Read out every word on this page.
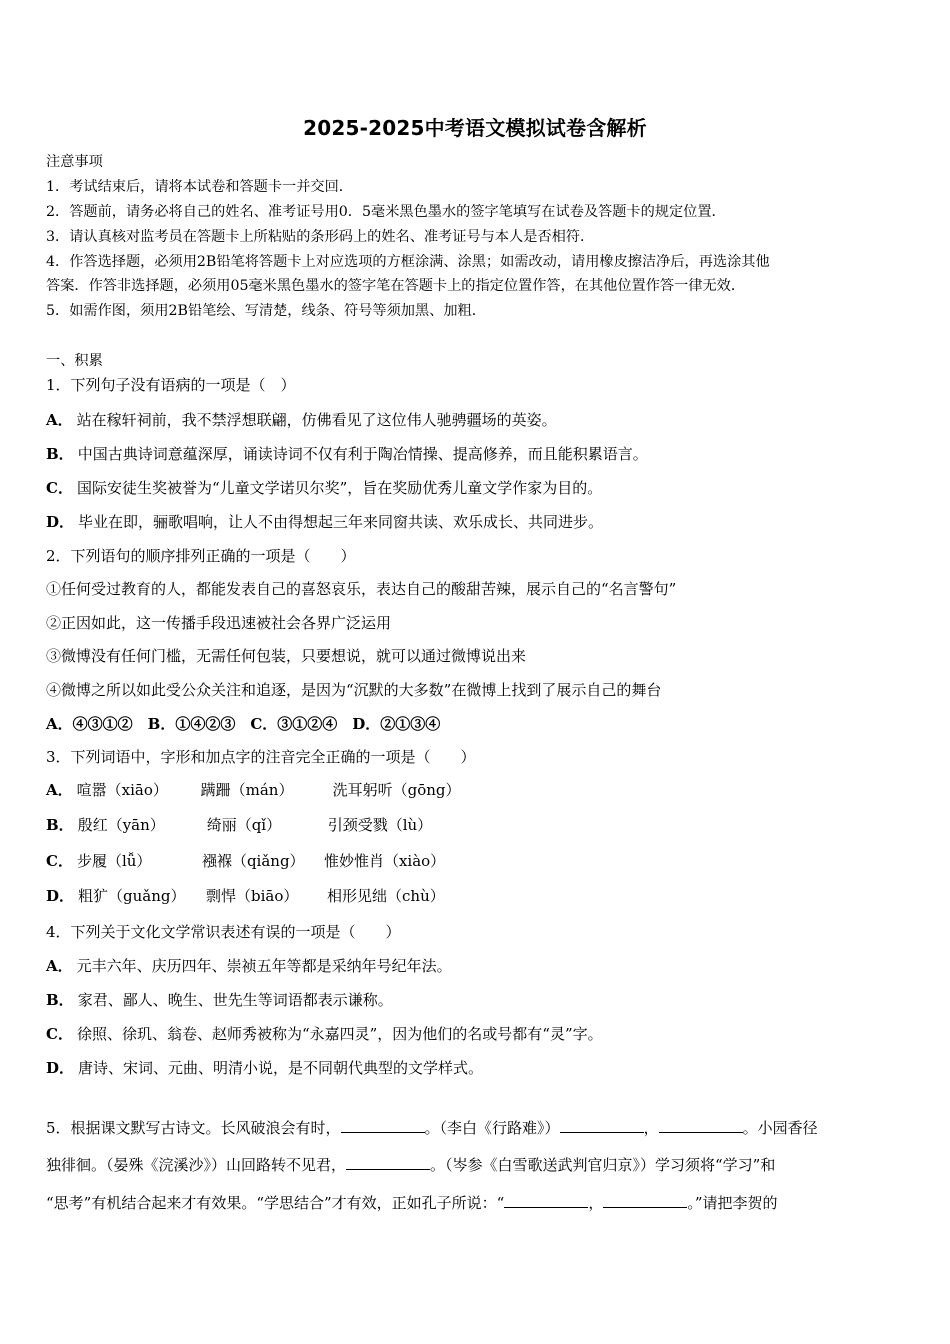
2025-2025中考语文模拟试卷含解析
注意事项
1．考试结束后，请将本试卷和答题卡一并交回．
2．答题前，请务必将自己的姓名、准考证号用0．5毫米黑色墨水的签字笔填写在试卷及答题卡的规定位置．
3．请认真核对监考员在答题卡上所粘贴的条形码上的姓名、准考证号与本人是否相符．
4．作答选择题，必须用2B铅笔将答题卡上对应选项的方框涂满、涂黑；如需改动，请用橡皮擦洁净后，再选涂其他
答案．作答非选择题，必须用05毫米黑色墨水的签字笔在答题卡上的指定位置作答，在其他位置作答一律无效．
5．如需作图，须用2B铅笔绘、写清楚，线条、符号等须加黑、加粗．
一、积累
1．下列句子没有语病的一项是（　）
A． 站在稼轩祠前，我不禁浮想联翩，仿佛看见了这位伟人驰骋疆场的英姿。
B． 中国古典诗词意蕴深厚，诵读诗词不仅有利于陶冶情操、提高修养，而且能积累语言。
C． 国际安徒生奖被誉为“儿童文学诺贝尔奖”，旨在奖励优秀儿童文学作家为目的。
D． 毕业在即，骊歌唱响，让人不由得想起三年来同窗共读、欢乐成长、共同进步。
2．下列语句的顺序排列正确的一项是（　　）
①任何受过教育的人，都能发表自己的喜怒哀乐，表达自己的酸甜苦辣，展示自己的“名言警句”
②正因如此，这一传播手段迅速被社会各界广泛运用
③微博没有任何门槛，无需任何包装，只要想说，就可以通过微博说出来
④微博之所以如此受公众关注和追逐，是因为“沉默的大多数”在微博上找到了展示自己的舞台
A．④③①②　B．①④②③　C．③①②④　D．②①③④
3．下列词语中，字形和加点字的注音完全正确的一项是（　　）
A． 喧嚣（xiāo） 蹒跚（mán）	洗耳躬听（gōng）
B． 殷红（yān）	绮丽（qǐ）	引颈受戮（lù）
C． 步履（lǚ）	襁褓（qiǎng） 惟妙惟肖（xiào）
D． 粗犷（guǎng） 剽悍（biāo） 相形见绌（chù）
4．下列关于文化文学常识表述有误的一项是（　　）
A． 元丰六年、庆历四年、崇祯五年等都是采纳年号纪年法。
B． 家君、鄙人、晚生、世先生等词语都表示谦称。
C． 徐照、徐玑、翁卷、赵师秀被称为“永嘉四灵”，因为他们的名或号都有“灵”字。
D． 唐诗、宋词、元曲、明清小说，是不同朝代典型的文学样式。
5．根据课文默写古诗文。长风破浪会有时，	。（李白《行路难》）	，	。小园香径
独徘徊。（晏殊《浣溪沙》）山回路转不见君，	。（岑参《白雪歌送武判官归京》）学习须将“学习”和
“思考”有机结合起来才有效果。“学思结合”才有效，正如孔子所说：“	，	。”请把李贺的
